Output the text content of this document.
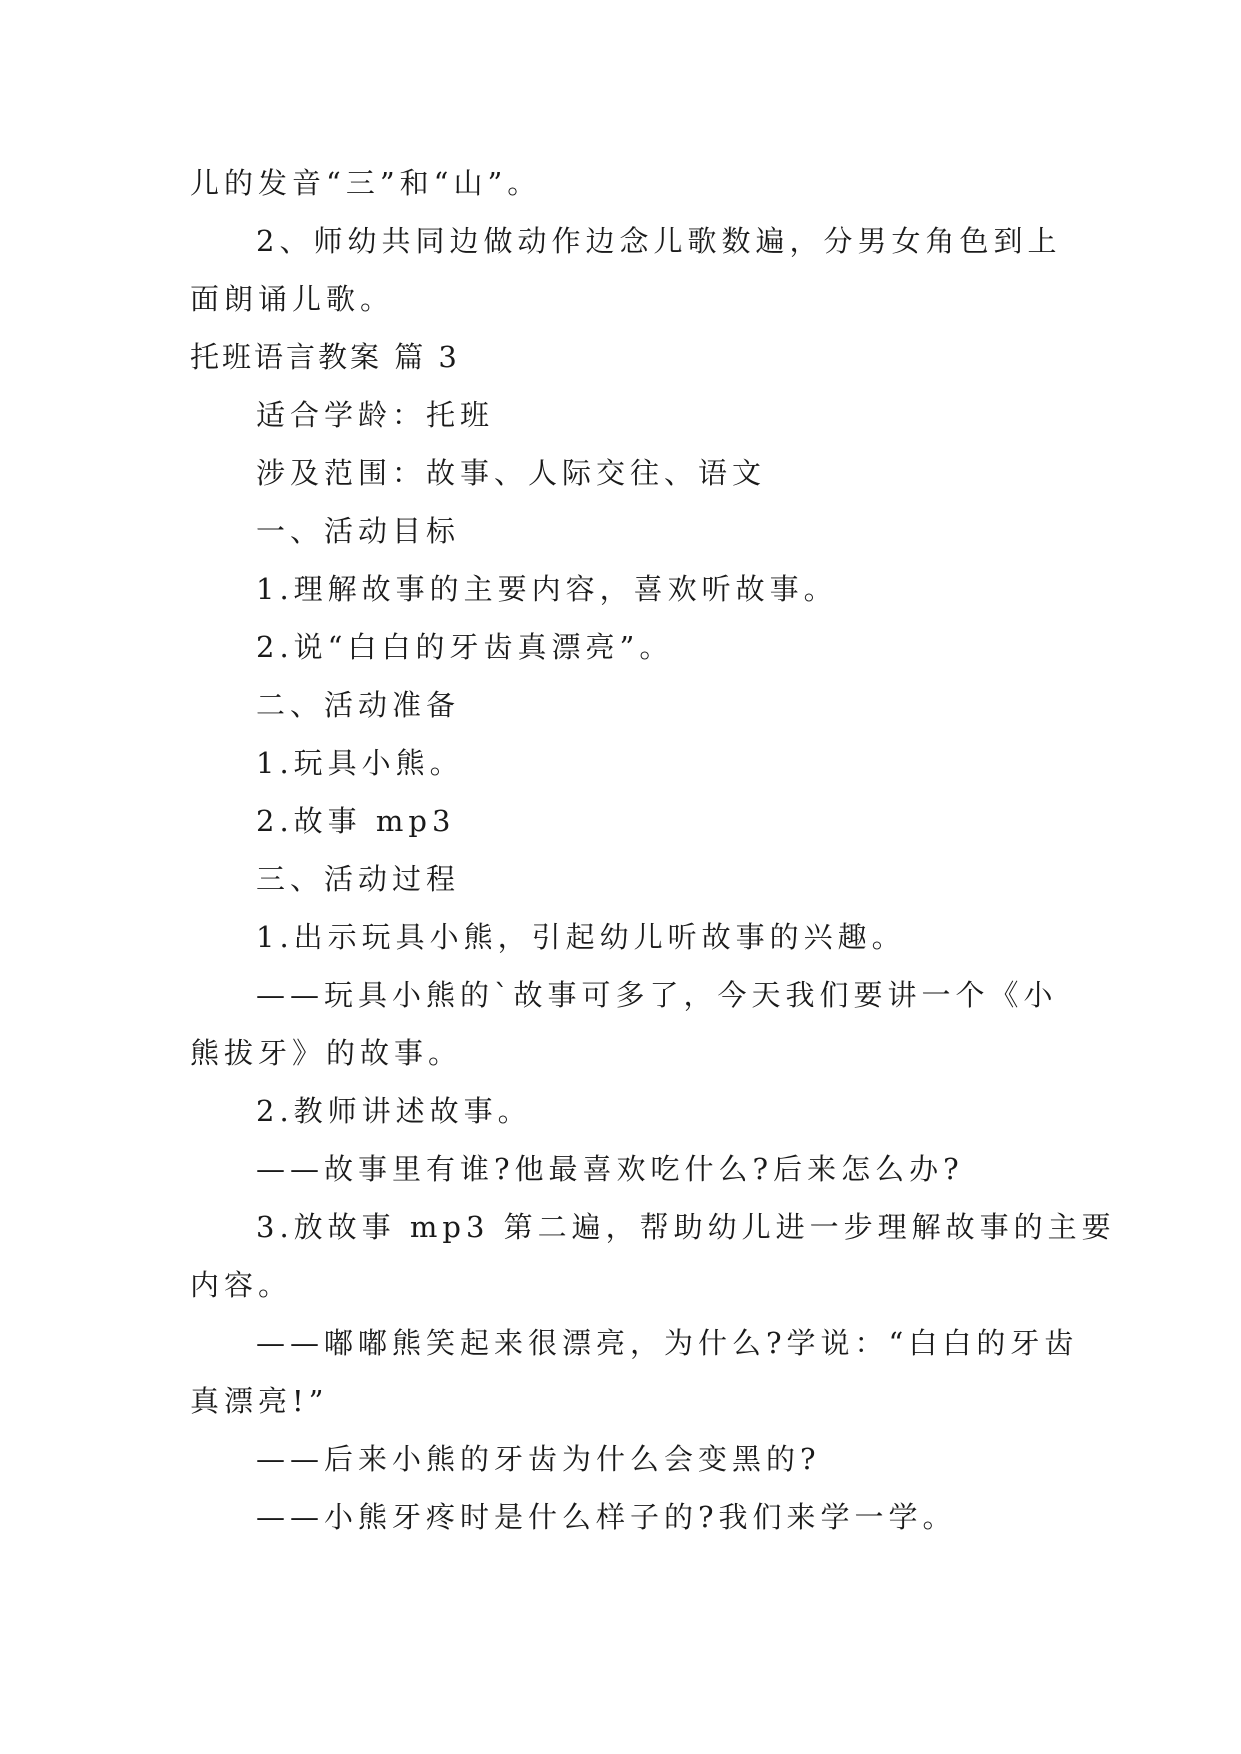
儿的发音“三”和“山”。
2、师幼共同边做动作边念儿歌数遍，分男女角色到上
面朗诵儿歌。
托班语言教案 篇 3
适合学龄：托班
涉及范围：故事、人际交往、语文
一、活动目标
1.理解故事的主要内容，喜欢听故事。
2.说“白白的牙齿真漂亮”。
二、活动准备
1.玩具小熊。
2.故事 mp3
三、活动过程
1.出示玩具小熊，引起幼儿听故事的兴趣。
——玩具小熊的`故事可多了，今天我们要讲一个《小
熊拔牙》的故事。
2.教师讲述故事。
——故事里有谁?他最喜欢吃什么?后来怎么办?
3.放故事 mp3 第二遍，帮助幼儿进一步理解故事的主要
内容。
——嘟嘟熊笑起来很漂亮，为什么?学说：“白白的牙齿
真漂亮!”
——后来小熊的牙齿为什么会变黑的?
——小熊牙疼时是什么样子的?我们来学一学。
